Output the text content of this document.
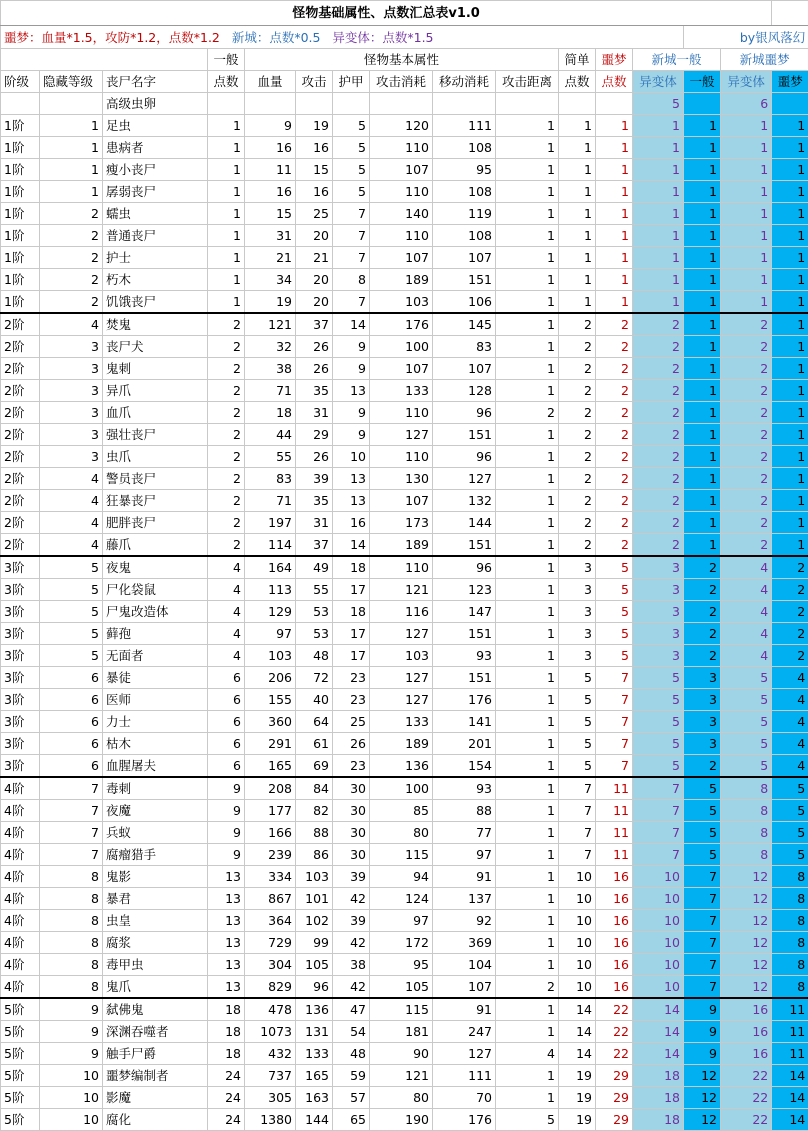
怪物基础属性、点数汇总表v1.0															
噩梦：血量*1.5，攻防*1.2，点数*1.2 新城：点数*0.5 异变体：点数*1.5													by银风落幻		
			一般	怪物基本属性						简单	噩梦	新城一般		新城噩梦	
阶级	隐藏等级	丧尸名字	点数	血量	攻击	护甲	攻击消耗	移动消耗	攻击距离	点数	点数	异变体	一般	异变体	噩梦
		高级虫卵										5		6	
1阶	1	足虫	1	9	19	5	120	111	1	1	1	1	1	1	1
1阶	1	患病者	1	16	16	5	110	108	1	1	1	1	1	1	1
1阶	1	瘦小丧尸	1	11	15	5	107	95	1	1	1	1	1	1	1
1阶	1	孱弱丧尸	1	16	16	5	110	108	1	1	1	1	1	1	1
1阶	2	蠕虫	1	15	25	7	140	119	1	1	1	1	1	1	1
1阶	2	普通丧尸	1	31	20	7	110	108	1	1	1	1	1	1	1
1阶	2	护士	1	21	21	7	107	107	1	1	1	1	1	1	1
1阶	2	朽木	1	34	20	8	189	151	1	1	1	1	1	1	1
1阶	2	饥饿丧尸	1	19	20	7	103	106	1	1	1	1	1	1	1
2阶	4	焚鬼	2	121	37	14	176	145	1	2	2	2	1	2	1
2阶	3	丧尸犬	2	32	26	9	100	83	1	2	2	2	1	2	1
2阶	3	鬼刺	2	38	26	9	107	107	1	2	2	2	1	2	1
2阶	3	异爪	2	71	35	13	133	128	1	2	2	2	1	2	1
2阶	3	血爪	2	18	31	9	110	96	2	2	2	2	1	2	1
2阶	3	强壮丧尸	2	44	29	9	127	151	1	2	2	2	1	2	1
2阶	3	虫爪	2	55	26	10	110	96	1	2	2	2	1	2	1
2阶	4	警员丧尸	2	83	39	13	130	127	1	2	2	2	1	2	1
2阶	4	狂暴丧尸	2	71	35	13	107	132	1	2	2	2	1	2	1
2阶	4	肥胖丧尸	2	197	31	16	173	144	1	2	2	2	1	2	1
2阶	4	藤爪	2	114	37	14	189	151	1	2	2	2	1	2	1
3阶	5	夜鬼	4	164	49	18	110	96	1	3	5	3	2	4	2
3阶	5	尸化袋鼠	4	113	55	17	121	123	1	3	5	3	2	4	2
3阶	5	尸鬼改造体	4	129	53	18	116	147	1	3	5	3	2	4	2
3阶	5	藓孢	4	97	53	17	127	151	1	3	5	3	2	4	2
3阶	5	无面者	4	103	48	17	103	93	1	3	5	3	2	4	2
3阶	6	暴徒	6	206	72	23	127	151	1	5	7	5	3	5	4
3阶	6	医师	6	155	40	23	127	176	1	5	7	5	3	5	4
3阶	6	力士	6	360	64	25	133	141	1	5	7	5	3	5	4
3阶	6	枯木	6	291	61	26	189	201	1	5	7	5	3	5	4
3阶	6	血腥屠夫	6	165	69	23	136	154	1	5	7	5	2	5	4
4阶	7	毒刺	9	208	84	30	100	93	1	7	11	7	5	8	5
4阶	7	夜魔	9	177	82	30	85	88	1	7	11	7	5	8	5
4阶	7	兵蚁	9	166	88	30	80	77	1	7	11	7	5	8	5
4阶	7	腐瘤猎手	9	239	86	30	115	97	1	7	11	7	5	8	5
4阶	8	鬼影	13	334	103	39	94	91	1	10	16	10	7	12	8
4阶	8	暴君	13	867	101	42	124	137	1	10	16	10	7	12	8
4阶	8	虫皇	13	364	102	39	97	92	1	10	16	10	7	12	8
4阶	8	腐浆	13	729	99	42	172	369	1	10	16	10	7	12	8
4阶	8	毒甲虫	13	304	105	38	95	104	1	10	16	10	7	12	8
4阶	8	鬼爪	13	829	96	42	105	107	2	10	16	10	7	12	8
5阶	9	弑佛鬼	18	478	136	47	115	91	1	14	22	14	9	16	11
5阶	9	深渊吞噬者	18	1073	131	54	181	247	1	14	22	14	9	16	11
5阶	9	触手尸爵	18	432	133	48	90	127	4	14	22	14	9	16	11
5阶	10	噩梦编制者	24	737	165	59	121	111	1	19	29	18	12	22	14
5阶	10	影魔	24	305	163	57	80	70	1	19	29	18	12	22	14
5阶	10	腐化	24	1380	144	65	190	176	5	19	29	18	12	22	14
